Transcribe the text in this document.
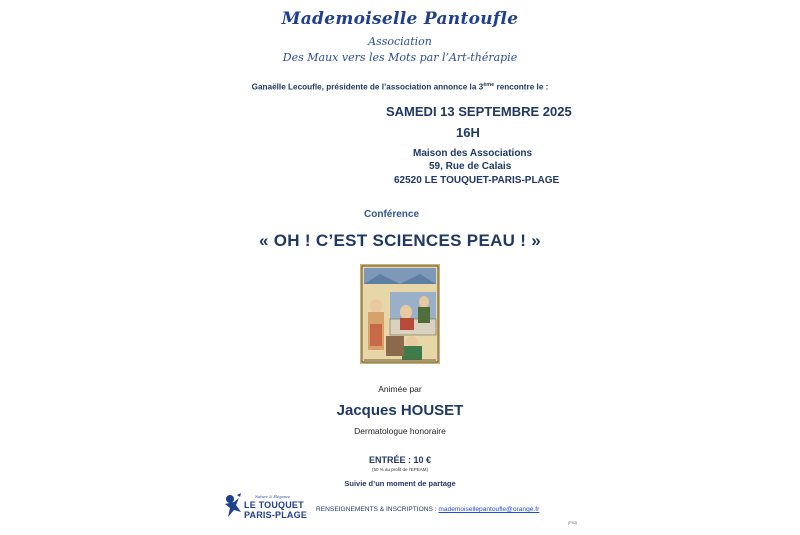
Mademoiselle Pantoufle
Association
Des Maux vers les Mots par l’Art-thérapie
Ganaëlle Lecoufle, présidente de l’association annonce la 3ème rencontre le :
SAMEDI 13 SEPTEMBRE 2025
16H
Maison des Associations
59, Rue de Calais
62520 LE TOUQUET-PARIS-PLAGE
Conférence
« OH ! C’EST SCIENCES PEAU ! »
Animée par
Jacques HOUSET
Dermatologue honoraire
ENTRÉE : 10 €
(50 % au profit de l’EPEAM)
Suivie d’un moment de partage
Nature & Élégance
LE TOUQUET
PARIS-PLAGE
RENSEIGNEMENTS & INSCRIPTIONS : mademoisellepantoufle@orange.fr
(PX2)
